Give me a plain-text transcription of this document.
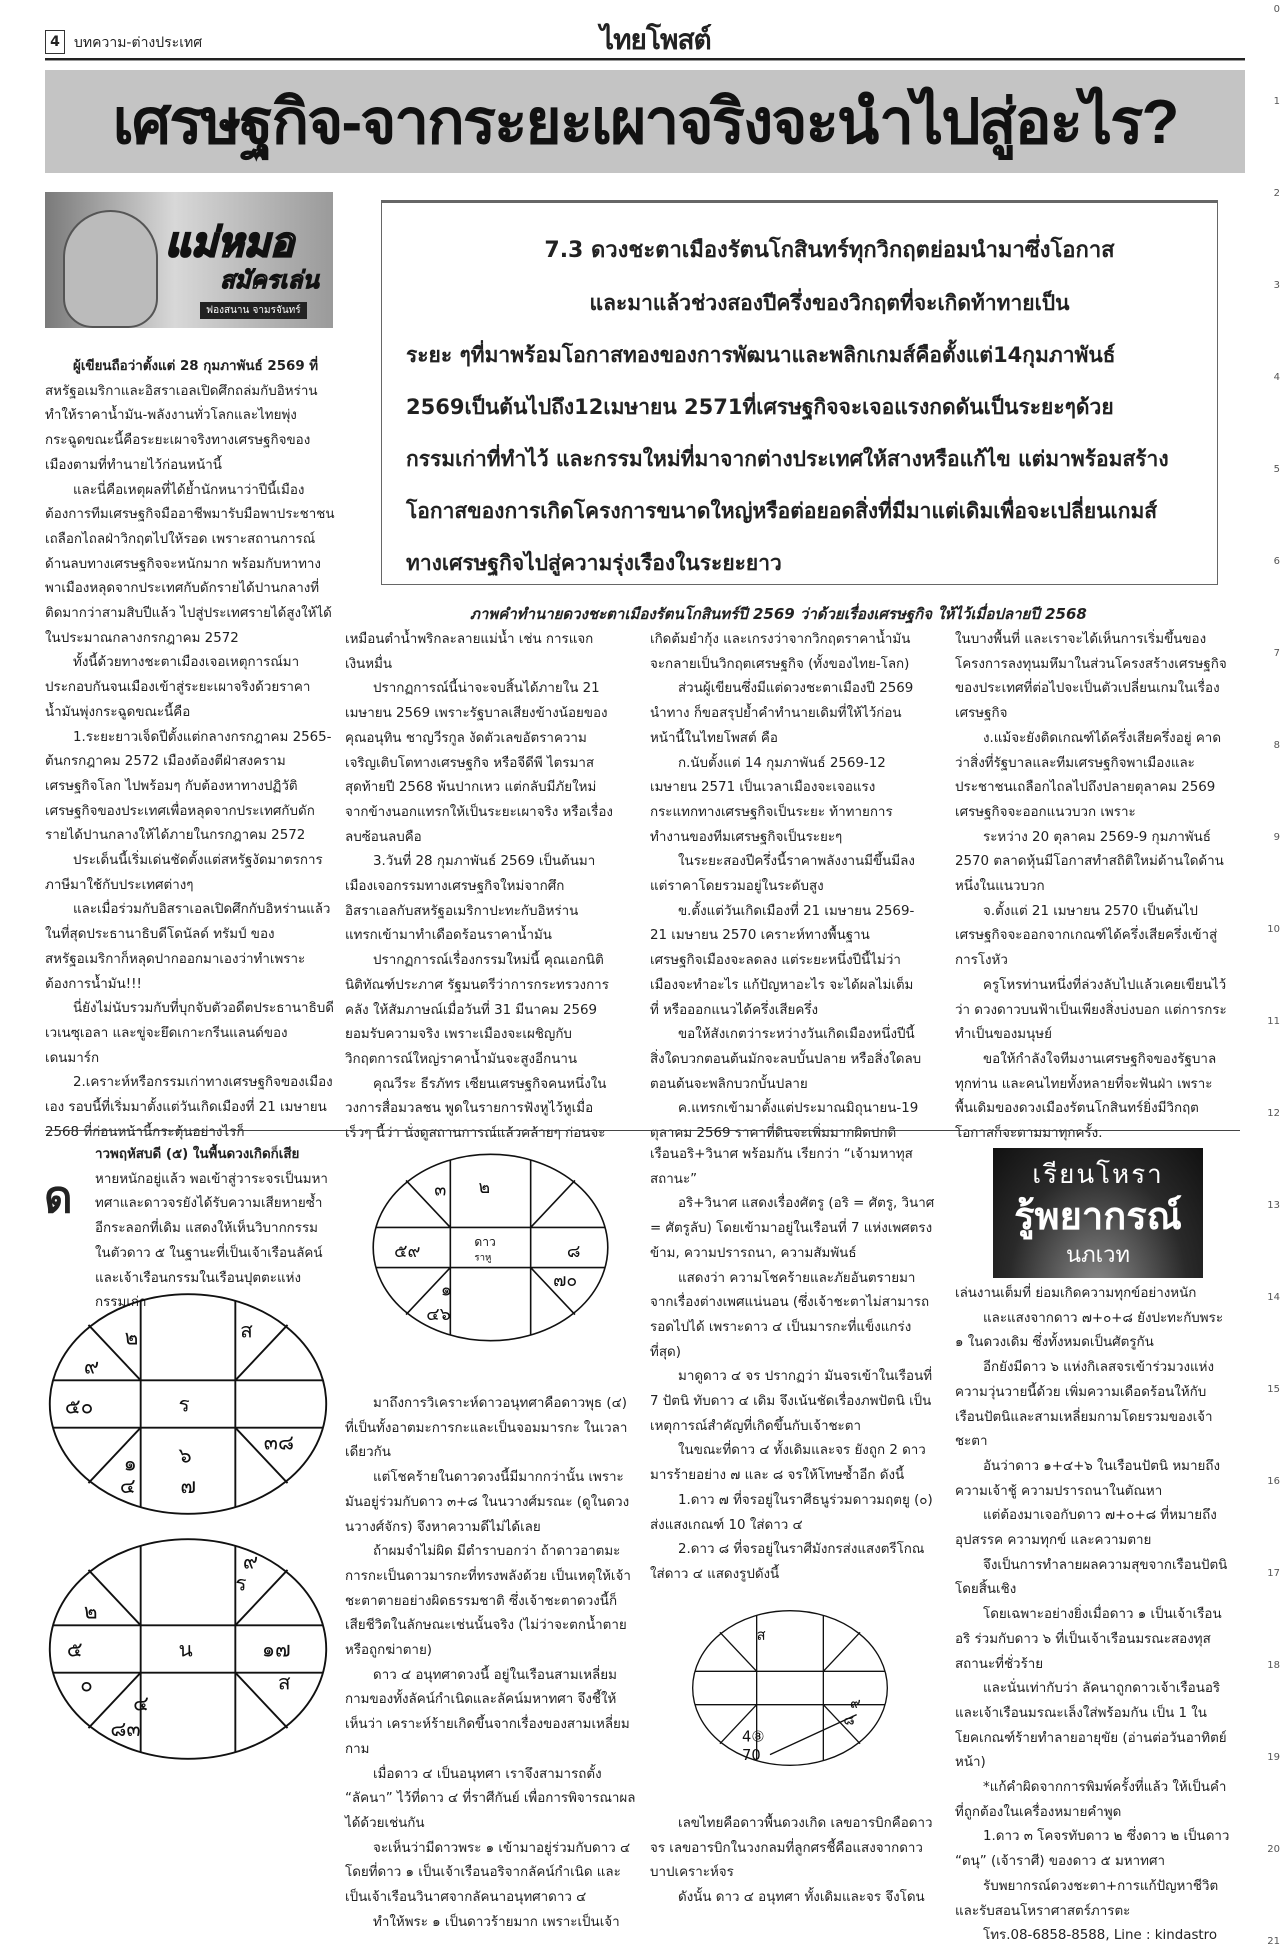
0
1
2
3
4
5
6
7
8
9
10
11
12
13
14
15
16
17
18
19
20
21
4	บทความ-ต่างประเทศ	ไทยโพสต์
เศรษฐกิจ-จากระยะเผาจริงจะนำไปสู่อะไร?
แม่หมอ
สมัครเล่น
ฟองสนาน จามรจันทร์

7.3 ดวงชะตาเมืองรัตนโกสินทร์ทุกวิกฤตย่อมนำมาซึ่งโอกาส

และมาแล้วช่วงสองปีครึ่งของวิกฤตที่จะเกิดท้าทายเป็น

ระยะ ๆที่มาพร้อมโอกาสทองของการพัฒนาและพลิกเกมส์คือตั้งแต่14กุมภาพันธ์

2569เป็นต้นไปถึง12เมษายน 2571ที่เศรษฐกิจจะเจอแรงกดดันเป็นระยะๆด้วย

กรรมเก่าที่ทำไว้ และกรรมใหม่ที่มาจากต่างประเทศให้สางหรือแก้ไข แต่มาพร้อมสร้าง

โอกาสของการเกิดโครงการขนาดใหญ่หรือต่อยอดสิ่งที่มีมาแต่เดิมเพื่อจะเปลี่ยนเกมส์

ทางเศรษฐกิจไปสู่ความรุ่งเรืองในระยะยาว

ภาพคำทำนายดวงชะตาเมืองรัตนโกสินทร์ปี 2569 ว่าด้วยเรื่องเศรษฐกิจ ให้ไว้เมื่อปลายปี 2568

ผู้เขียนถือว่าตั้งแต่ 28 กุมภาพันธ์ 2569 ที่

สหรัฐอเมริกาและอิสราเอลเปิดศึกถล่มกับอิหร่าน ทำให้ราคาน้ำมัน-พลังงานทั่วโลกและไทยพุ่งกระฉูดขณะนี้คือระยะเผาจริงทางเศรษฐกิจของเมืองตามที่ทำนายไว้ก่อนหน้านี้

และนี่คือเหตุผลที่ได้ย้ำนักหนาว่าปีนี้เมืองต้องการทีมเศรษฐกิจมืออาชีพมารับมือพาประชาชนเถลือกไถลฝ่าวิกฤตไปให้รอด เพราะสถานการณ์ด้านลบทางเศรษฐกิจจะหนักมาก พร้อมกับหาทางพาเมืองหลุดจากประเทศกับดักรายได้ปานกลางที่ติดมากว่าสามสิบปีแล้ว ไปสู่ประเทศรายได้สูงให้ได้ในประมาณกลางกรกฎาคม 2572

ทั้งนี้ด้วยทางชะตาเมืองเจอเหตุการณ์มาประกอบกันจนเมืองเข้าสู่ระยะเผาจริงด้วยราคาน้ำมันพุ่งกระฉูดขณะนี้คือ

1.ระยะยาวเจ็ดปีตั้งแต่กลางกรกฎาคม 2565-ต้นกรกฎาคม 2572 เมืองต้องตีฝ่าสงครามเศรษฐกิจโลก ไปพร้อมๆ กับต้องหาทางปฏิวัติเศรษฐกิจของประเทศเพื่อหลุดจากประเทศกับดักรายได้ปานกลางให้ได้ภายในกรกฎาคม 2572

ประเด็นนี้เริ่มเด่นชัดตั้งแต่สหรัฐงัดมาตรการภาษีมาใช้กับประเทศต่างๆ

และเมื่อร่วมกับอิสราเอลเปิดศึกกับอิหร่านแล้ว ในที่สุดประธานาธิบดีโดนัลด์ ทรัมป์ ของสหรัฐอเมริกาก็หลุดปากออกมาเองว่าทำเพราะต้องการน้ำมัน!!!

นี่ยังไม่นับรวมกับที่บุกจับตัวอดีตประธานาธิบดีเวเนซุเอลา และขู่จะยึดเกาะกรีนแลนด์ของเดนมาร์ก

2.เคราะห์หรือกรรมเก่าทางเศรษฐกิจของเมืองเอง รอบนี้ที่เริ่มมาตั้งแต่วันเกิดเมืองที่ 21 เมษายน 2568 ที่ก่อนหน้านี้กระตุ้นอย่างไรก็

เหมือนตำน้ำพริกละลายแม่น้ำ เช่น การแจกเงินหมื่น

ปรากฏการณ์นี้น่าจะจบสิ้นได้ภายใน 21 เมษายน 2569 เพราะรัฐบาลเสียงข้างน้อยของคุณอนุทิน ชาญวีรกูล งัดตัวเลขอัตราความเจริญเติบโตทางเศรษฐกิจ หรือจีดีพี ไตรมาสสุดท้ายปี 2568 พ้นปากเหว แต่กลับมีภัยใหม่จากข้างนอกแทรกให้เป็นระยะเผาจริง หรือเรื่องลบซ้อนลบคือ

3.วันที่ 28 กุมภาพันธ์ 2569 เป็นต้นมา เมืองเจอกรรมทางเศรษฐกิจใหม่จากศึกอิสราเอลกับสหรัฐอเมริกาปะทะกับอิหร่าน แทรกเข้ามาทำเดือดร้อนราคาน้ำมัน

ปรากฏการณ์เรื่องกรรมใหม่นี้ คุณเอกนิติ นิติทัณฑ์ประภาศ รัฐมนตรีว่าการกระทรวงการคลัง ให้สัมภาษณ์เมื่อวันที่ 31 มีนาคม 2569 ยอมรับความจริง เพราะเมืองจะเผชิญกับวิกฤตการณ์ใหญ่ราคาน้ำมันจะสูงอีกนาน

คุณวีระ ธีรภัทร เซียนเศรษฐกิจคนหนึ่งในวงการสื่อมวลชน พูดในรายการฟังหูไว้หูเมื่อเร็วๆ นี้ว่า นั่งดูสถานการณ์แล้วคล้ายๆ ก่อนจะ

เกิดต้มยำกุ้ง และเกรงว่าจากวิกฤตราคาน้ำมันจะกลายเป็นวิกฤตเศรษฐกิจ (ทั้งของไทย-โลก)

ส่วนผู้เขียนซึ่งมีแต่ดวงชะตาเมืองปี 2569 นำทาง ก็ขอสรุปย้ำคำทำนายเดิมที่ให้ไว้ก่อนหน้านี้ในไทยโพสต์ คือ

ก.นับตั้งแต่ 14 กุมภาพันธ์ 2569-12 เมษายน 2571 เป็นเวลาเมืองจะเจอแรงกระแทกทางเศรษฐกิจเป็นระยะ ท้าทายการทำงานของทีมเศรษฐกิจเป็นระยะๆ

ในระยะสองปีครึ่งนี้ราคาพลังงานมีขึ้นมีลง แต่ราคาโดยรวมอยู่ในระดับสูง

ข.ตั้งแต่วันเกิดเมืองที่ 21 เมษายน 2569-21 เมษายน 2570 เคราะห์ทางพื้นฐานเศรษฐกิจเมืองจะลดลง แต่ระยะหนึ่งปีนี้ไม่ว่าเมืองจะทำอะไร แก้ปัญหาอะไร จะได้ผลไม่เต็มที่ หรือออกแนวได้ครึ่งเสียครึ่ง

ขอให้สังเกตว่าระหว่างวันเกิดเมืองหนึ่งปีนี้ สิ่งใดบวกตอนต้นมักจะลบบั้นปลาย หรือสิ่งใดลบตอนต้นจะพลิกบวกบั้นปลาย

ค.แทรกเข้ามาตั้งแต่ประมาณมิถุนายน-19 ตุลาคม 2569 ราคาที่ดินจะเพิ่มมากผิดปกติ

ในบางพื้นที่ และเราจะได้เห็นการเริ่มขึ้นของโครงการลงทุนมหึมาในส่วนโครงสร้างเศรษฐกิจของประเทศที่ต่อไปจะเป็นตัวเปลี่ยนเกมในเรื่องเศรษฐกิจ

ง.แม้จะยังติดเกณฑ์ได้ครึ่งเสียครึ่งอยู่ คาดว่าสิ่งที่รัฐบาลและทีมเศรษฐกิจพาเมืองและประชาชนเถลือกไถลไปถึงปลายตุลาคม 2569 เศรษฐกิจจะออกแนวบวก เพราะ

ระหว่าง 20 ตุลาคม 2569-9 กุมภาพันธ์ 2570 ตลาดหุ้นมีโอกาสทำสถิติใหม่ด้านใดด้านหนึ่งในแนวบวก

จ.ตั้งแต่ 21 เมษายน 2570 เป็นต้นไป เศรษฐกิจจะออกจากเกณฑ์ได้ครึ่งเสียครึ่งเข้าสู่การโงหัว

ครูโหรท่านหนึ่งที่ล่วงลับไปแล้วเคยเขียนไว้ว่า ดวงดาวบนฟ้าเป็นเพียงสิ่งบ่งบอก แต่การกระทำเป็นของมนุษย์

ขอให้กำลังใจทีมงานเศรษฐกิจของรัฐบาลทุกท่าน และคนไทยทั้งหลายที่จะฟันฝ่า เพราะพื้นเดิมของดวงเมืองรัตนโกสินทร์ยิ่งมีวิกฤตโอกาสก็จะตามมาทุกครั้ง.

ด

าวพฤหัสบดี (๕) ในพื้นดวงเกิดก็เสีย

หายหนักอยู่แล้ว พอเข้าสู่วาระจรเป็นมหาทศาและดาวจรยังได้รับความเสียหายซ้ำอีกระลอกที่เดิม แสดงให้เห็นวิบากกรรมในตัวดาว ๕ ในฐานะที่เป็นเจ้าเรือนลัคน์และเจ้าเรือนกรรมในเรือนปุตตะแห่งกรรมเก่า

๒	ส
๙
๕๐	ร
๓๘
๑
๔
๖
๗
ร
๙
๒
๕	น	๑๗
๐	ส
๔
๘๓
๓ ๒
๕๙
ดาว
ราหู	๘
๗๐
๑
๔๖

มาถึงการวิเคราะห์ดาวอนุทศาคือดาวพุธ (๔) ที่เป็นทั้งอาตมะการกะและเป็นจอมมารกะ ในเวลาเดียวกัน

แต่โชคร้ายในดาวดวงนี้มีมากกว่านั้น เพราะมันอยู่ร่วมกับดาว ๓+๘ ในนวางศ์มรณะ (ดูในดวงนวางศ์จักร) จึงหาความดีไม่ได้เลย

ถ้าผมจำไม่ผิด มีตำราบอกว่า ถ้าดาวอาตมะการกะเป็นดาวมารกะที่ทรงพลังด้วย เป็นเหตุให้เจ้าชะตาตายอย่างผิดธรรมชาติ ซึ่งเจ้าชะตาดวงนี้ก็เสียชีวิตในลักษณะเช่นนั้นจริง (ไม่ว่าจะตกน้ำตายหรือถูกฆ่าตาย)

ดาว ๔ อนุทศาดวงนี้ อยู่ในเรือนสามเหลี่ยมกามของทั้งลัคน์กำเนิดและลัคน์มหาทศา จึงชี้ให้เห็นว่า เคราะห์ร้ายเกิดขึ้นจากเรื่องของสามเหลี่ยมกาม

เมื่อดาว ๔ เป็นอนุทศา เราจึงสามารถตั้ง “ลัคนา” ไว้ที่ดาว ๔ ที่ราศีกันย์ เพื่อการพิจารณาผลได้ด้วยเช่นกัน

จะเห็นว่ามีดาวพระ ๑ เข้ามาอยู่ร่วมกับดาว ๔ โดยที่ดาว ๑ เป็นเจ้าเรือนอริจากลัคน์กำเนิด และเป็นเจ้าเรือนวินาศจากลัคนาอนุทศาดาว ๔

ทำให้พระ ๑ เป็นดาวร้ายมาก เพราะเป็นเจ้า

เรือนอริ+วินาศ พร้อมกัน เรียกว่า “เจ้ามหาทุสสถานะ”

อริ+วินาศ แสดงเรื่องศัตรู (อริ = ศัตรู, วินาศ = ศัตรูลับ) โดยเข้ามาอยู่ในเรือนที่ 7 แห่งเพศตรงข้าม, ความปรารถนา, ความสัมพันธ์

แสดงว่า ความโชคร้ายและภัยอันตรายมาจากเรื่องต่างเพศแน่นอน (ซึ่งเจ้าชะตาไม่สามารถรอดไปได้ เพราะดาว ๔ เป็นมารกะที่แข็งแกร่งที่สุด)

มาดูดาว ๔ จร ปรากฏว่า มันจรเข้าในเรือนที่ 7 ปัตนิ ทับดาว ๔ เดิม จึงเน้นชัดเรื่องภพปัตนิ เป็นเหตุการณ์สำคัญที่เกิดขึ้นกับเจ้าชะตา

ในขณะที่ดาว ๔ ทั้งเดิมและจร ยังถูก 2 ดาวมารร้ายอย่าง ๗ และ ๘ จรให้โทษซ้ำอีก ดังนี้

1.ดาว ๗ ที่จรอยู่ในราศีธนูร่วมดาวมฤตยู (๐) ส่งแสงเกณฑ์ 10 ใส่ดาว ๔

2.ดาว ๘ ที่จรอยู่ในราศีมังกรส่งแสงตรีโกณใส่ดาว ๔ แสดงรูปดังนี้

ส
๙
๘
4⑧
70

เลขไทยคือดาวพื้นดวงเกิด เลขอารบิกคือดาวจร เลขอารบิกในวงกลมที่ลูกศรชี้คือแสงจากดาวบาปเคราะห์จร

ดังนั้น ดาว ๔ อนุทศา ทั้งเดิมและจร จึงโดน

เรียนโหรา
รู้พยากรณ์
นภเวท

เล่นงานเต็มที่ ย่อมเกิดความทุกข์อย่างหนัก

และแสงจากดาว ๗+๐+๘ ยังปะทะกับพระ ๑ ในดวงเดิม ซึ่งทั้งหมดเป็นศัตรูกัน

อีกยังมีดาว ๖ แห่งกิเลสจรเข้าร่วมวงแห่งความวุ่นวายนี้ด้วย เพิ่มความเดือดร้อนให้กับเรือนปัตนิและสามเหลี่ยมกามโดยรวมของเจ้าชะตา

อันว่าดาว ๑+๔+๖ ในเรือนปัตนิ หมายถึงความเจ้าชู้ ความปรารถนาในตัณหา

แต่ต้องมาเจอกับดาว ๗+๐+๘ ที่หมายถึงอุปสรรค ความทุกข์ และความตาย

จึงเป็นการทำลายผลความสุขจากเรือนปัตนิโดยสิ้นเชิง

โดยเฉพาะอย่างยิ่งเมื่อดาว ๑ เป็นเจ้าเรือนอริ ร่วมกับดาว ๖ ที่เป็นเจ้าเรือนมรณะสองทุสสถานะที่ชั่วร้าย

และนั่นเท่ากับว่า ลัคนาถูกดาวเจ้าเรือนอริและเจ้าเรือนมรณะเล็งใส่พร้อมกัน เป็น 1 ในโยคเกณฑ์ร้ายทำลายอายุขัย (อ่านต่อวันอาทิตย์หน้า)

*แก้คำผิดจากการพิมพ์ครั้งที่แล้ว ให้เป็นคำที่ถูกต้องในเครื่องหมายคำพูด

1.ดาว ๓ โคจรทับดาว ๒ ซึ่งดาว ๒ เป็นดาว “ตนุ” (เจ้าราศี) ของดาว ๕ มหาทศา

รับพยากรณ์ดวงชะตา+การแก้ปัญหาชีวิตและรับสอนโหราศาสตร์ภารตะ

โทร.08-6858-8588, Line : kindastro
